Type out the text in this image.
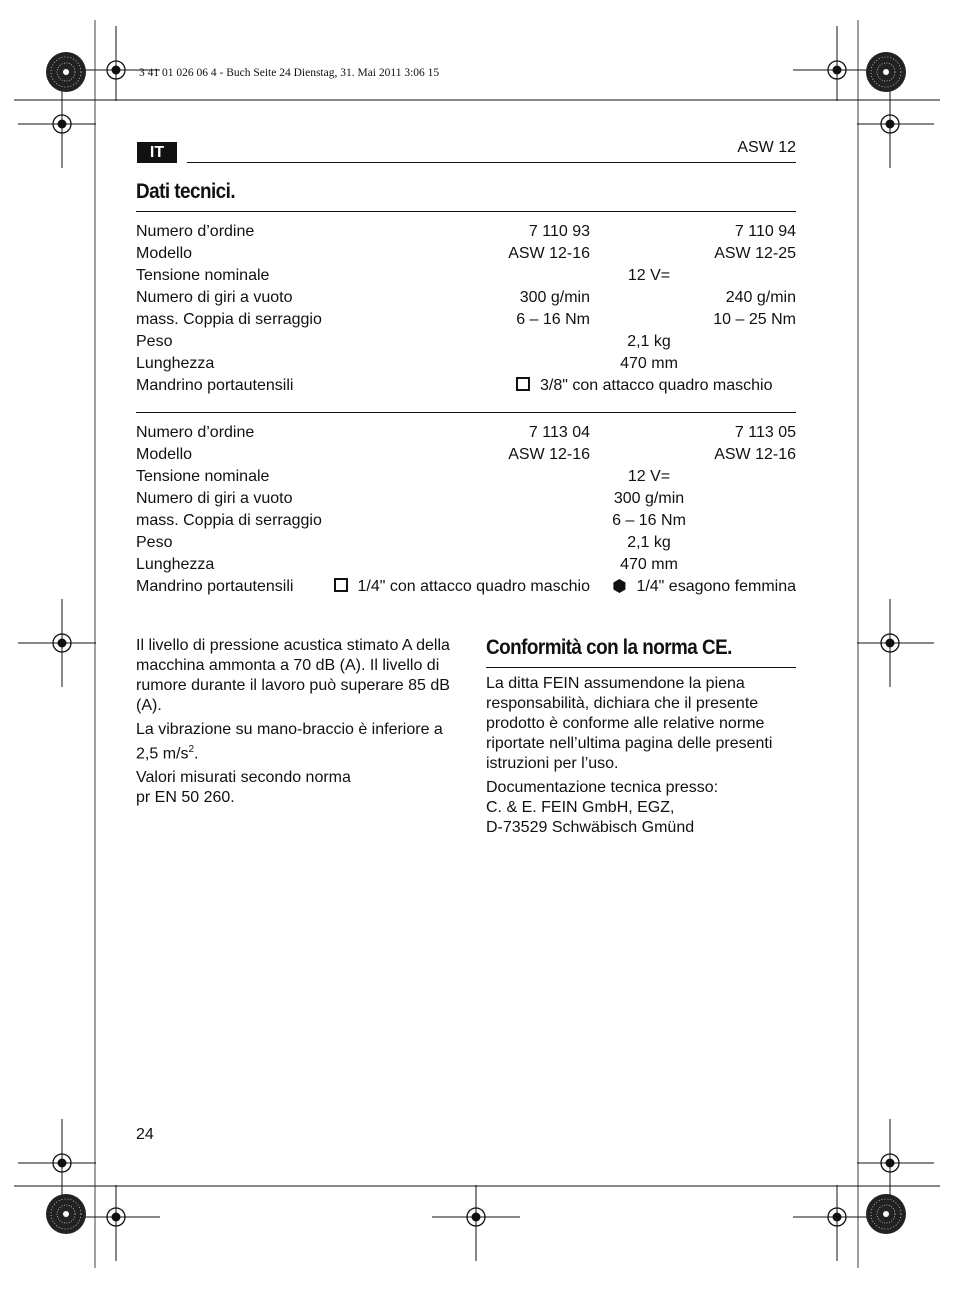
3 41 01 026 06 4 - Buch Seite 24 Dienstag, 31. Mai 2011 3:06 15
IT	ASW 12
Dati tecnici.
Numero d’ordine	7 110 93	7 110 94
Modello	ASW 12-16	ASW 12-25
Tensione nominale	12 V=
Numero di giri a vuoto	300 g/min	240 g/min
mass. Coppia di serraggio	6 – 16 Nm	10 – 25 Nm
Peso	2,1 kg
Lunghezza	470 mm
Mandrino portautensili	3/8" con attacco quadro maschio
Numero d’ordine	7 113 04	7 113 05
Modello	ASW 12-16	ASW 12-16
Tensione nominale	12 V=
Numero di giri a vuoto	300 g/min
mass. Coppia di serraggio	6 – 16 Nm
Peso	2,1 kg
Lunghezza	470 mm
Mandrino portautensili	1/4" con attacco quadro maschio	1/4" esagono femmina

Il livello di pressione acustica stimato A della macchina ammonta a 70 dB (A). Il livello di rumore durante il lavoro può superare 85 dB (A).

La vibrazione su mano-braccio è inferiore a 2,5 $m/s^2$.

Valori misurati secondo norma
pr EN 50 260.

Conformità con la norma CE.

La ditta FEIN assumendone la piena responsabilità, dichiara che il presente prodotto è conforme alle relative norme riportate nell’ultima pagina delle presenti istruzioni per l’uso.

Documentazione tecnica presso:
C. & E. FEIN GmbH, EGZ,
D-73529 Schwäbisch Gmünd

24
